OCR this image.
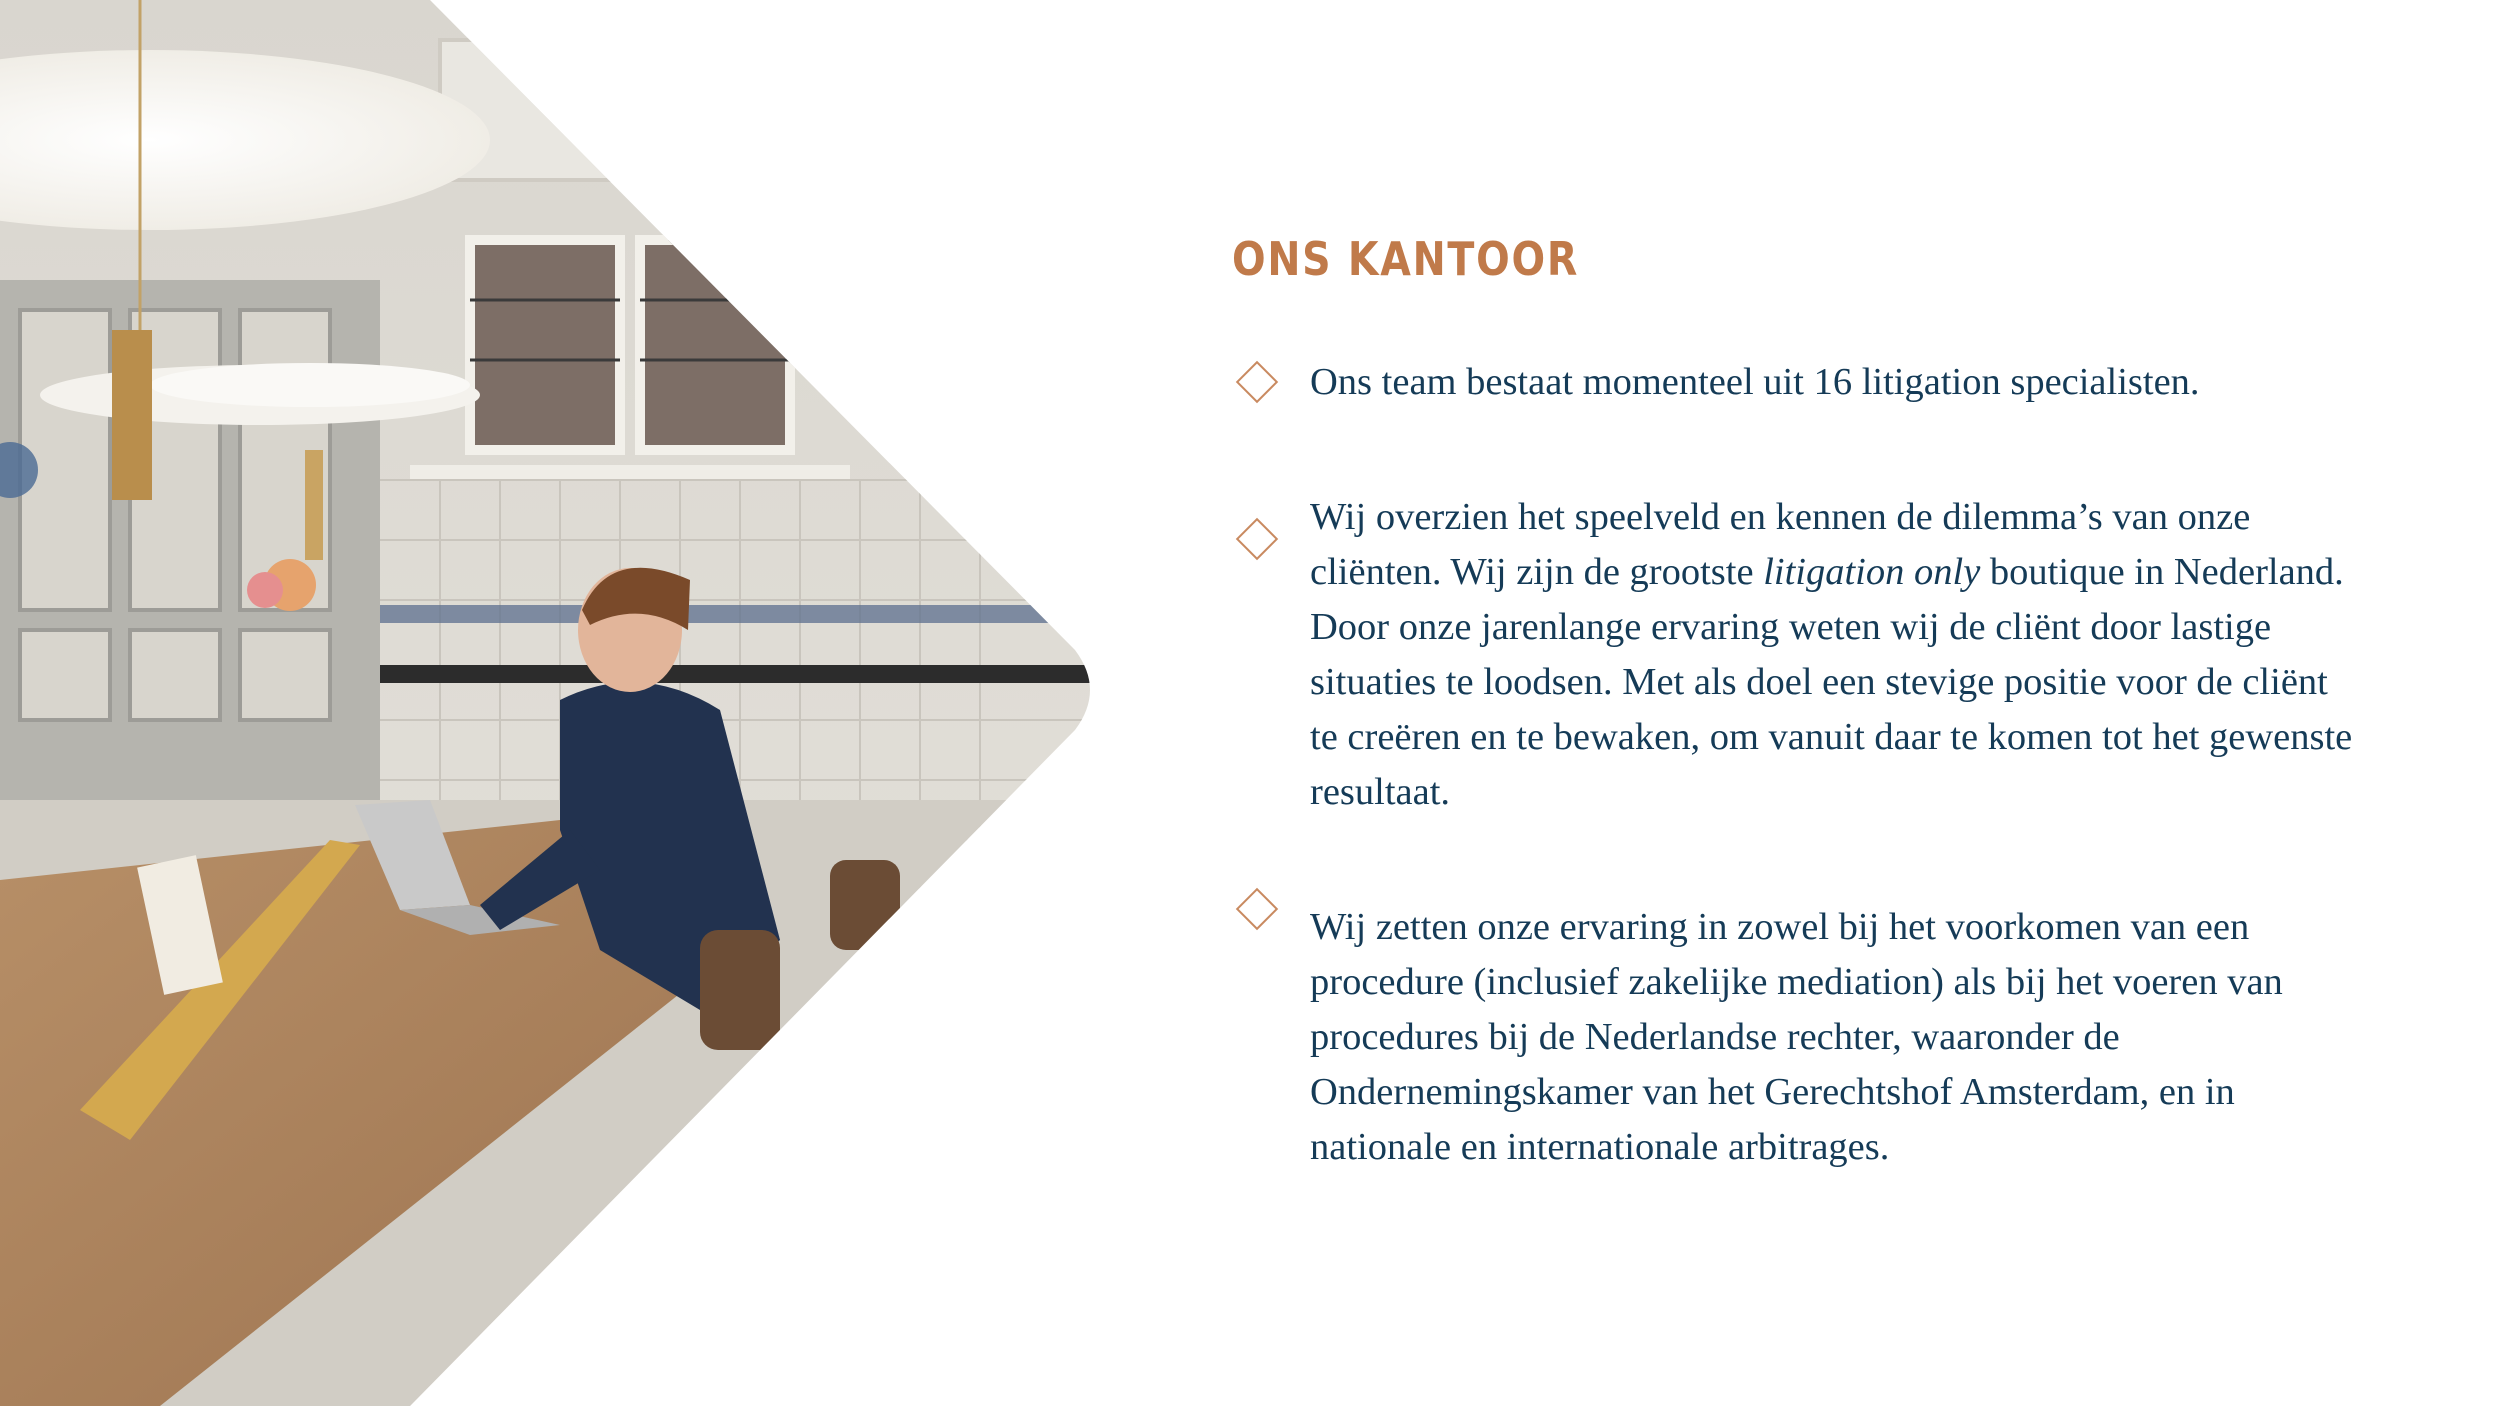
ONS KANTOOR

Ons team bestaat momenteel uit 16 litigation specialisten.

Wij overzien het speelveld en kennen de dilemma’s van onze cliënten. Wij zijn de grootste litigation only boutique in Nederland. Door onze jarenlange ervaring weten wij de cliënt door lastige situaties te loodsen. Met als doel een stevige positie voor de cliënt te creëren en te bewaken, om vanuit daar te komen tot het gewenste resultaat.

Wij zetten onze ervaring in zowel bij het voorkomen van een procedure (inclusief zakelijke mediation) als bij het voeren van procedures bij de Nederlandse rechter, waaronder de Ondernemingskamer van het Gerechtshof Amsterdam, en in nationale en internationale arbitrages.
